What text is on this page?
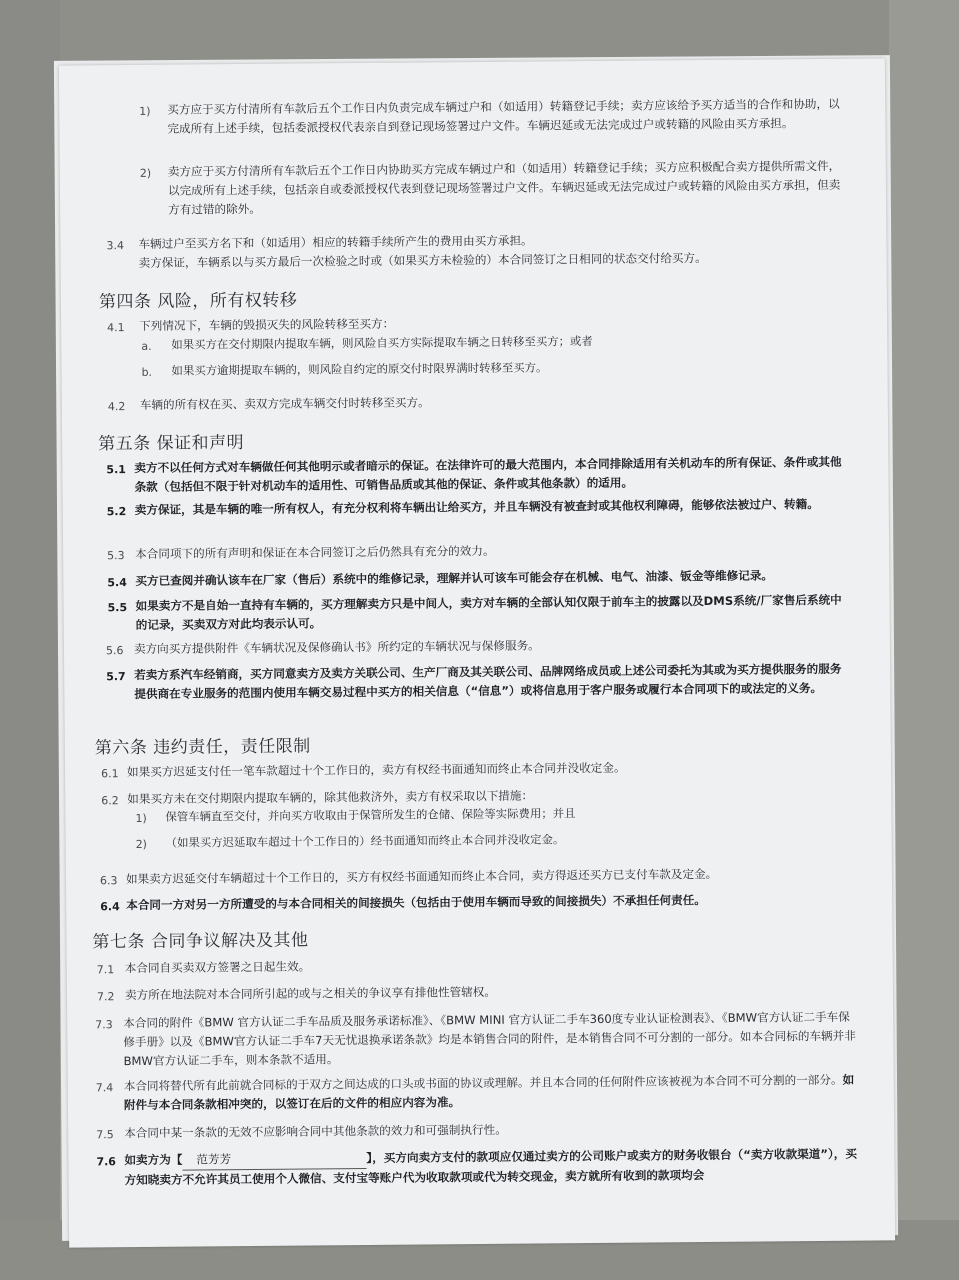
1) 买方应于买方付清所有车款后五个工作日内负责完成车辆过户和（如适用）转籍登记手续；卖方应该给予买方适当的合作和协助，以完成所有上述手续，包括委派授权代表亲自到登记现场签署过户文件。车辆迟延或无法完成过户或转籍的风险由买方承担。
2) 卖方应于买方付清所有车款后五个工作日内协助买方完成车辆过户和（如适用）转籍登记手续；买方应积极配合卖方提供所需文件，以完成所有上述手续，包括亲自或委派授权代表到登记现场签署过户文件。车辆迟延或无法完成过户或转籍的风险由买方承担，但卖方有过错的除外。
3.4 车辆过户至买方名下和（如适用）相应的转籍手续所产生的费用由买方承担。
卖方保证，车辆系以与买方最后一次检验之时或（如果买方未检验的）本合同签订之日相同的状态交付给买方。
第四条 风险，所有权转移
4.1 下列情况下，车辆的毁损灭失的风险转移至买方：
a. 如果买方在交付期限内提取车辆，则风险自买方实际提取车辆之日转移至买方；或者
b. 如果买方逾期提取车辆的，则风险自约定的原交付时限界满时转移至买方。
4.2 车辆的所有权在买、卖双方完成车辆交付时转移至买方。
第五条 保证和声明
5.1 卖方不以任何方式对车辆做任何其他明示或者暗示的保证。在法律许可的最大范围内，本合同排除适用有关机动车的所有保证、条件或其他条款（包括但不限于针对机动车的适用性、可销售品质或其他的保证、条件或其他条款）的适用。
5.2 卖方保证，其是车辆的唯一所有权人，有充分权利将车辆出让给买方，并且车辆没有被查封或其他权利障碍，能够依法被过户、转籍。
5.3 本合同项下的所有声明和保证在本合同签订之后仍然具有充分的效力。
5.4 买方已查阅并确认该车在厂家（售后）系统中的维修记录，理解并认可该车可能会存在机械、电气、油漆、钣金等维修记录。
5.5 如果卖方不是自始一直持有车辆的，买方理解卖方只是中间人，卖方对车辆的全部认知仅限于前车主的披露以及DMS系统/厂家售后系统中的记录，买卖双方对此均表示认可。
5.6 卖方向买方提供附件《车辆状况及保修确认书》所约定的车辆状况与保修服务。
5.7 若卖方系汽车经销商，买方同意卖方及卖方关联公司、生产厂商及其关联公司、品牌网络成员或上述公司委托为其或为买方提供服务的服务提供商在专业服务的范围内使用车辆交易过程中买方的相关信息（“信息”）或将信息用于客户服务或履行本合同项下的或法定的义务。
第六条 违约责任，责任限制
6.1 如果买方迟延支付任一笔车款超过十个工作日的，卖方有权经书面通知而终止本合同并没收定金。
6.2 如果买方未在交付期限内提取车辆的，除其他救济外，卖方有权采取以下措施：
1) 保管车辆直至交付，并向买方收取由于保管所发生的仓储、保险等实际费用；并且
2) （如果买方迟延取车超过十个工作日的）经书面通知而终止本合同并没收定金。
6.3 如果卖方迟延交付车辆超过十个工作日的，买方有权经书面通知而终止本合同，卖方得返还买方已支付车款及定金。
6.4 本合同一方对另一方所遭受的与本合同相关的间接损失（包括由于使用车辆而导致的间接损失）不承担任何责任。
第七条 合同争议解决及其他
7.1 本合同自买卖双方签署之日起生效。
7.2 卖方所在地法院对本合同所引起的或与之相关的争议享有排他性管辖权。
7.3 本合同的附件《BMW 官方认证二手车品质及服务承诺标准》、《BMW MINI 官方认证二手车360度专业认证检测表》、《BMW官方认证二手车保修手册》以及《BMW官方认证二手车7天无忧退换承诺条款》均是本销售合同的附件，是本销售合同不可分割的一部分。如本合同标的车辆并非BMW官方认证二手车，则本条款不适用。
7.4 本合同将替代所有此前就合同标的于双方之间达成的口头或书面的协议或理解。并且本合同的任何附件应该被视为本合同不可分割的一部分。如附件与本合同条款相冲突的，以签订在后的文件的相应内容为准。
7.5 本合同中某一条款的无效不应影响合同中其他条款的效力和可强制执行性。
7.6 如卖方为【 范芳芳	】，买方向卖方支付的款项应仅通过卖方的公司账户或卖方的财务收银台（“卖方收款渠道”），买方知晓卖方不允许其员工使用个人微信、支付宝等账户代为收取款项或代为转交现金，卖方就所有收到的款项均会
